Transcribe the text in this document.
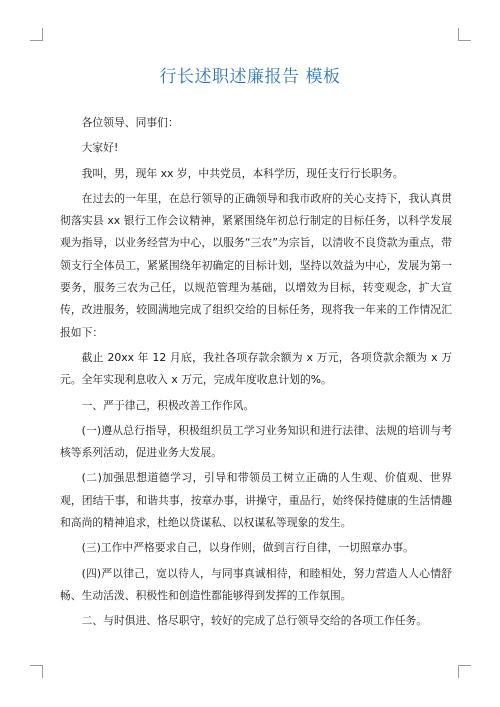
行长述职述廉报告 模板

各位领导、同事们：

大家好!

我叫，男，现年 xx 岁，中共党员，本科学历，现任支行行长职务。

在过去的一年里，在总行领导的正确领导和我市政府的关心支持下，我认真贯彻落实县 xx 银行工作会议精神，紧紧围绕年初总行制定的目标任务，以科学发展观为指导，以业务经营为中心，以服务“三农”为宗旨，以清收不良贷款为重点，带领支行全体员工，紧紧围绕年初确定的目标计划，坚持以效益为中心，发展为第一要务，服务三农为己任，以规范管理为基础，以增效为目标，转变观念，扩大宣传，改进服务，较圆满地完成了组织交给的目标任务，现将我一年来的工作情况汇报如下：

截止 20xx 年 12 月底，我社各项存款余额为 x 万元，各项贷款余额为 x 万元。全年实现利息收入 x 万元，完成年度收息计划的%。

一、严于律己，积极改善工作作风。

(一)遵从总行指导，积极组织员工学习业务知识和进行法律、法规的培训与考核等系列活动，促进业务大发展。

(二)加强思想道德学习，引导和带领员工树立正确的人生观、价值观、世界观，团结干事，和谐共事，按章办事，讲操守，重品行，始终保持健康的生活情趣和高尚的精神追求，杜绝以贷谋私、以权谋私等现象的发生。

(三)工作中严格要求自己，以身作则，做到言行自律，一切照章办事。

(四)严以律己，宽以待人，与同事真诚相待，和睦相处，努力营造人人心情舒畅、生动活泼、积极性和创造性都能够得到发挥的工作氛围。

二、与时俱进、恪尽职守，较好的完成了总行领导交给的各项工作任务。
